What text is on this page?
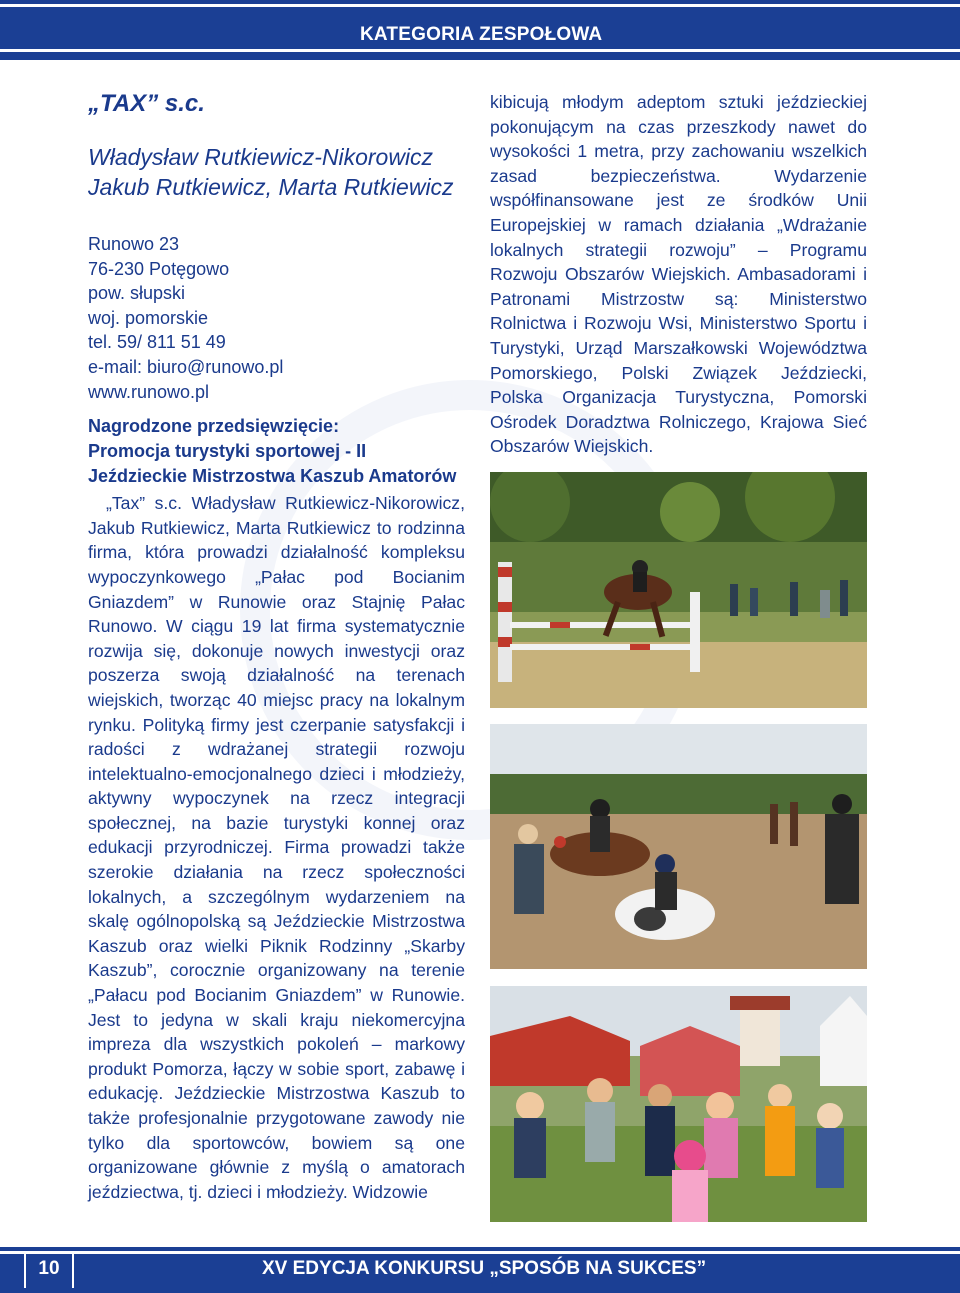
KATEGORIA ZESPOŁOWA
„TAX” s.c.
Władysław Rutkiewicz-Nikorowicz
Jakub Rutkiewicz, Marta Rutkiewicz
Runowo 23
76-230 Potęgowo
pow. słupski
woj. pomorskie
tel. 59/ 811 51 49
e-mail: biuro@runowo.pl
www.runowo.pl
Nagrodzone przedsięwzięcie:
Promocja turystyki sportowej - II Jeździeckie Mistrzostwa Kaszub Amatorów
„Tax” s.c. Władysław Rutkiewicz-Nikorowicz, Jakub Rutkiewicz, Marta Rutkiewicz to rodzinna firma, która prowadzi działalność kompleksu wypoczynkowego „Pałac pod Bocianim Gniazdem” w Runowie oraz Stajnię Pałac Runowo. W ciągu 19 lat firma systematycznie rozwija się, dokonuje nowych inwestycji oraz poszerza swoją działalność na terenach wiejskich, tworząc 40 miejsc pracy na lokalnym rynku. Polityką firmy jest czerpanie satysfakcji i radości z wdrażanej strategii rozwoju intelektualno-emocjonalnego dzieci i młodzieży, aktywny wypoczynek na rzecz integracji społecznej, na bazie turystyki konnej oraz edukacji przyrodniczej. Firma prowadzi także szerokie działania na rzecz społeczności lokalnych, a szczególnym wydarzeniem na skalę ogólnopolską są Jeździeckie Mistrzostwa Kaszub oraz wielki Piknik Rodzinny „Skarby Kaszub”, corocznie organizowany na terenie „Pałacu pod Bocianim Gniazdem” w Runowie. Jest to jedyna w skali kraju niekomercyjna impreza dla wszystkich pokoleń – markowy produkt Pomorza, łączy w sobie sport, zabawę i edukację. Jeździeckie Mistrzostwa Kaszub to także profesjonalnie przygotowane zawody nie tylko dla sportowców, bowiem są one organizowane głównie z myślą o amatorach jeździectwa, tj. dzieci i młodzieży. Widzowie
kibicują młodym adeptom sztuki jeździeckiej pokonującym na czas przeszkody nawet do wysokości 1 metra, przy zachowaniu wszelkich zasad bezpieczeństwa. Wydarzenie współfinansowane jest ze środków Unii Europejskiej w ramach działania „Wdrażanie lokalnych strategii rozwoju” – Programu Rozwoju Obszarów Wiejskich. Ambasadorami i Patronami Mistrzostw są: Ministerstwo Rolnictwa i Rozwoju Wsi, Ministerstwo Sportu i Turystyki, Urząd Marszałkowski Województwa Pomorskiego, Polski Związek Jeździecki, Polska Organizacja Turystyczna, Pomorski Ośrodek Doradztwa Rolniczego, Krajowa Sieć Obszarów Wiejskich.
10	XV EDYCJA KONKURSU „SPOSÓB NA SUKCES”
